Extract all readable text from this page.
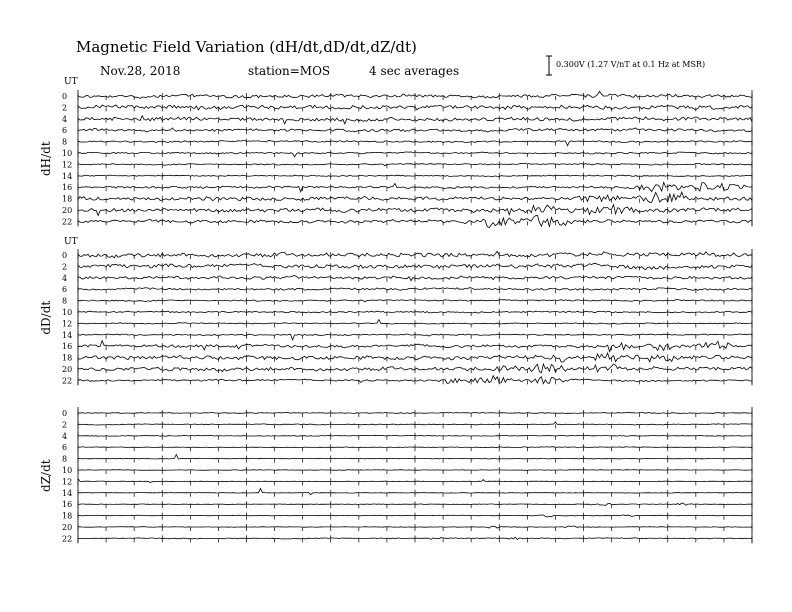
Magnetic Field Variation (dH/dt,dD/dt,dZ/dt)
Nov.28, 2018	station=MOS	4 sec averages	0.300V (1.27 V/nT at 0.1 Hz at MSR)
UT
dH/dt
0
2
4
6
8
10
12
14
16
18
20
22
UT
dD/dt
0
2
4
6
8
10
12
14
16
18
20
22
dZ/dt
0
2
4
6
8
10
12
14
16
18
20
22
